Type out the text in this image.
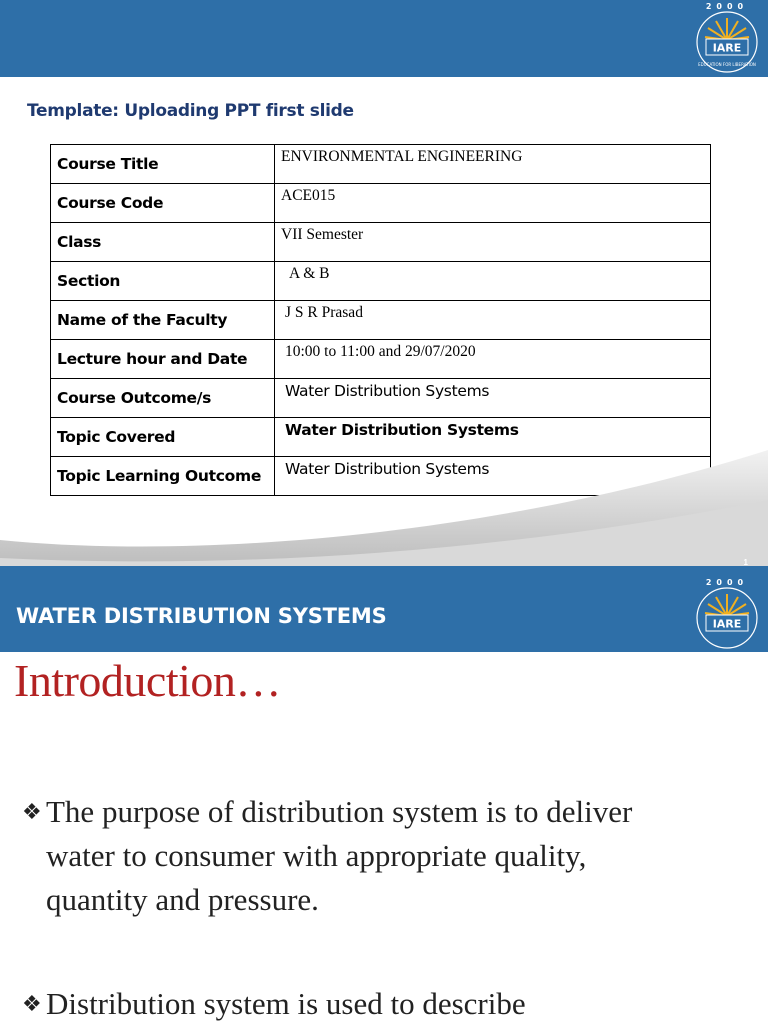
2000
IARE
EDUCATION FOR LIBERATION
Template: Uploading PPT first slide
Course Title	ENVIRONMENTAL ENGINEERING
Course Code	ACE015
Class	VII Semester
Section	A & B
Name of the Faculty	J S R Prasad
Lecture hour and Date	10:00 to 11:00 and 29/07/2020
Course Outcome/s	Water Distribution Systems
Topic Covered	Water Distribution Systems
Topic Learning Outcome	Water Distribution Systems
1
WATER DISTRIBUTION SYSTEMS
2000
IARE
Introduction…
❖ The purpose of distribution system is to deliver
water to consumer with appropriate quality,
quantity and pressure.
❖ Distribution system is used to describe
